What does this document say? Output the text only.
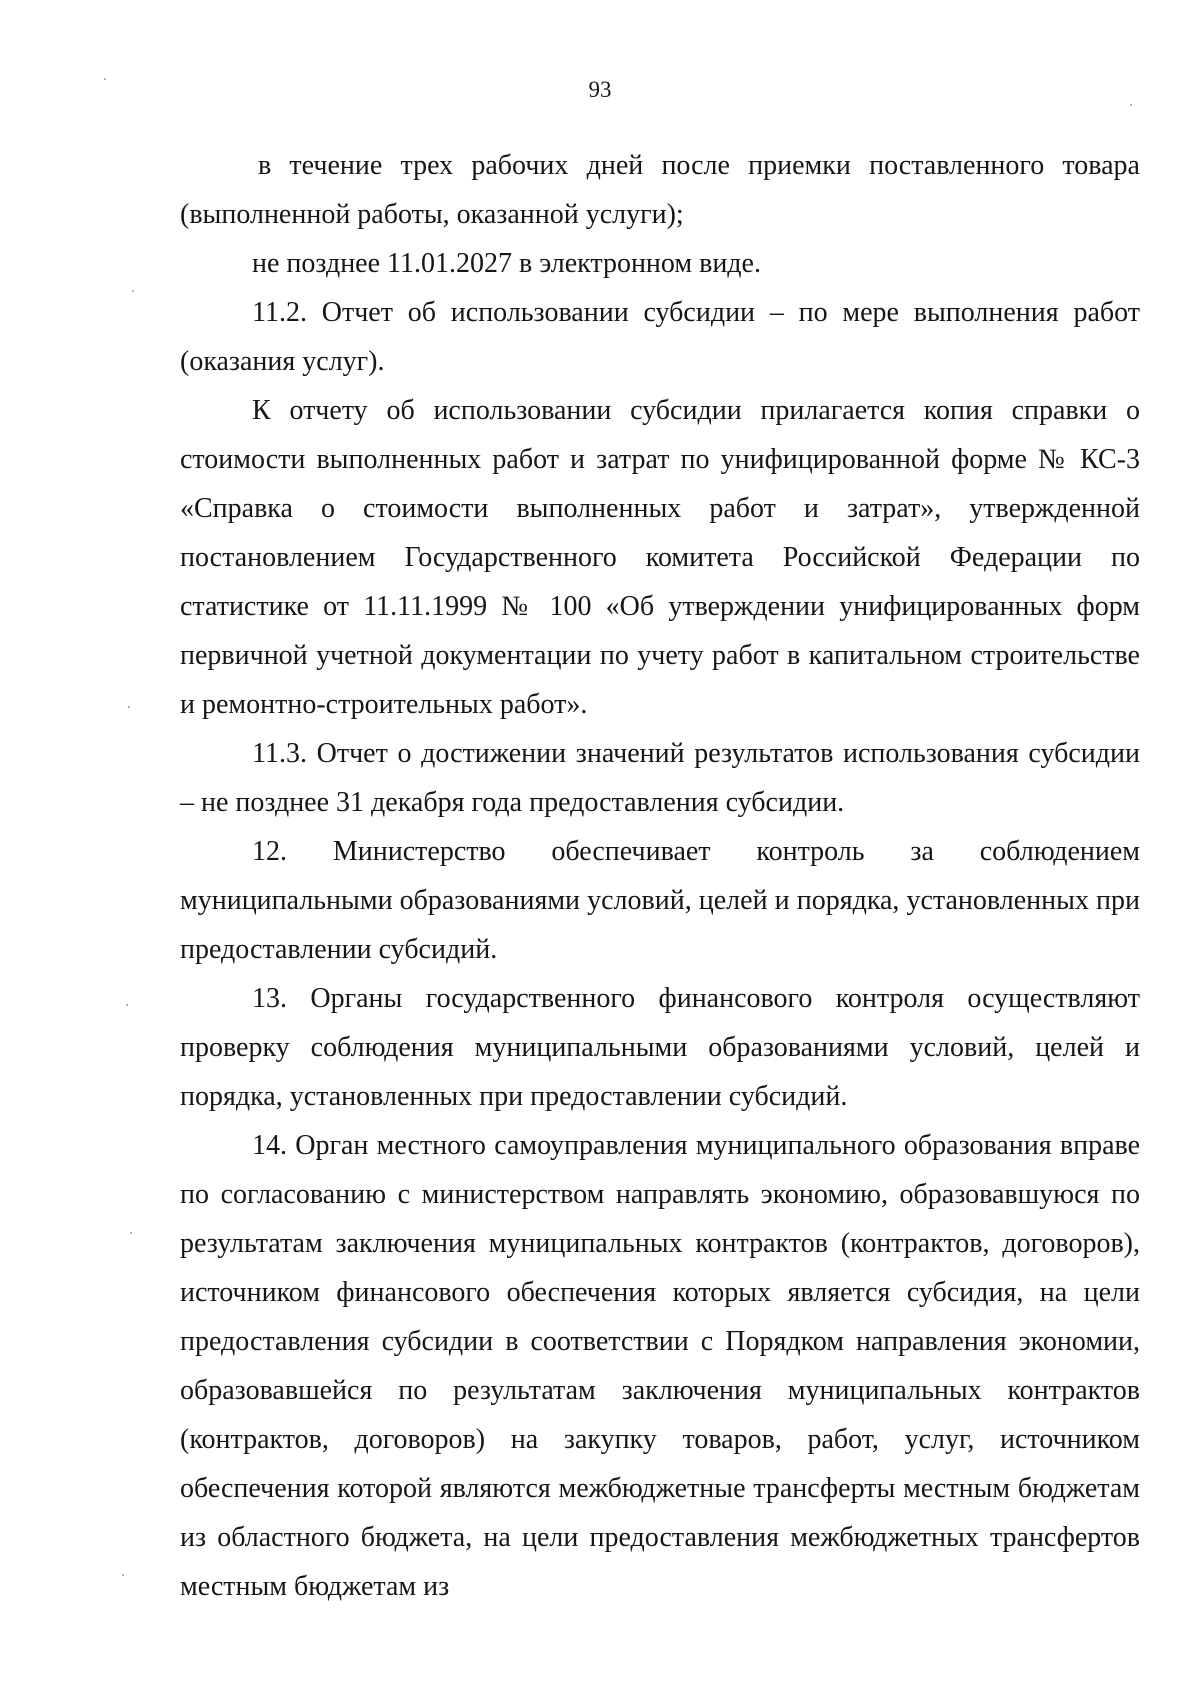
93

в течение трех рабочих дней после приемки поставленного товара (выполненной работы, оказанной услуги);

не позднее 11.01.2027 в электронном виде.

11.2. Отчет об использовании субсидии – по мере выполнения работ (оказания услуг).

К отчету об использовании субсидии прилагается копия справки о стоимости выполненных работ и затрат по унифицированной форме № КС-3 «Справка о стоимости выполненных работ и затрат», утвержденной постановлением Государственного комитета Российской Федерации по статистике от 11.11.1999 № 100 «Об утверждении унифицированных форм первичной учетной документации по учету работ в капитальном строительстве и ремонтно-строительных работ».

11.3. Отчет о достижении значений результатов использования субсидии – не позднее 31 декабря года предоставления субсидии.

12. Министерство обеспечивает контроль за соблюдением муниципальными образованиями условий, целей и порядка, установленных при предоставлении субсидий.

13. Органы государственного финансового контроля осуществляют проверку соблюдения муниципальными образованиями условий, целей и порядка, установленных при предоставлении субсидий.

14. Орган местного самоуправления муниципального образования вправе по согласованию с министерством направлять экономию, образовавшуюся по результатам заключения муниципальных контрактов (контрактов, договоров), источником финансового обеспечения которых является субсидия, на цели предоставления субсидии в соответствии с Порядком направления экономии, образовавшейся по результатам заключения муниципальных контрактов (контрактов, договоров) на закупку товаров, работ, услуг, источником обеспечения которой являются межбюджетные трансферты местным бюджетам из областного бюджета, на цели предоставления межбюджетных трансфертов местным бюджетам из
